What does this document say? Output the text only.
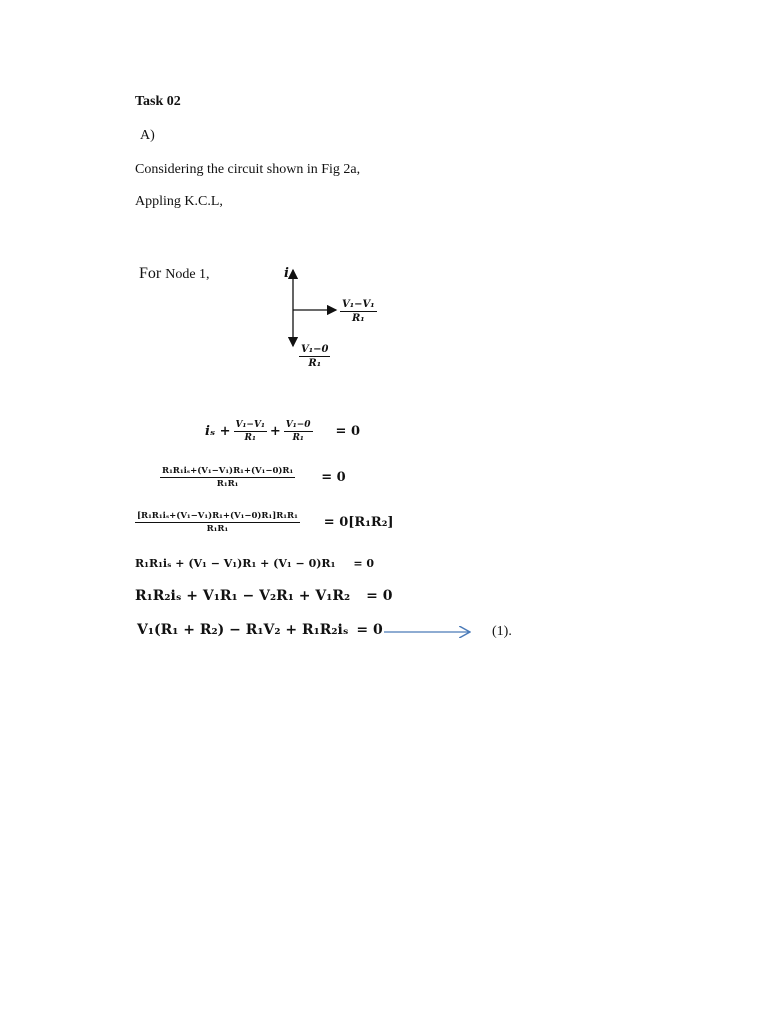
Task 02
A)
Considering the circuit shown in Fig 2a,
Appling K.C.L,
For Node 1,	i
$\frac{\text{V₁−V₁}}{\text{R₁}}$
$\frac{\text{V₁−0}}{\text{R₁}}$
$i_s + \frac{\text{V₁−V₁}}{\text{R₁}} + \frac{\text{V₁−0}}{\text{R₁}} = 0$
$\frac{\text{R₁R₁iₛ+(V₁−V₁)R₁+(V₁−0)R₁}}{\text{R₁R₁}} = 0$
$\frac{\text{[R₁R₁iₛ+(V₁−V₁)R₁+(V₁−0)R₁]R₁R₁}}{\text{R₁R₁}} = 0[R_1R_2]$
R₁R₁iₛ + (V₁ − V₁)R₁ + (V₁ − 0)R₁ = 0
R₁R₂iₛ + V₁R₁ − V₂R₁ + V₁R₂ = 0
V₁(R₁ + R₂) − R₁V₂ + R₁R₂iₛ = 0	(1).
